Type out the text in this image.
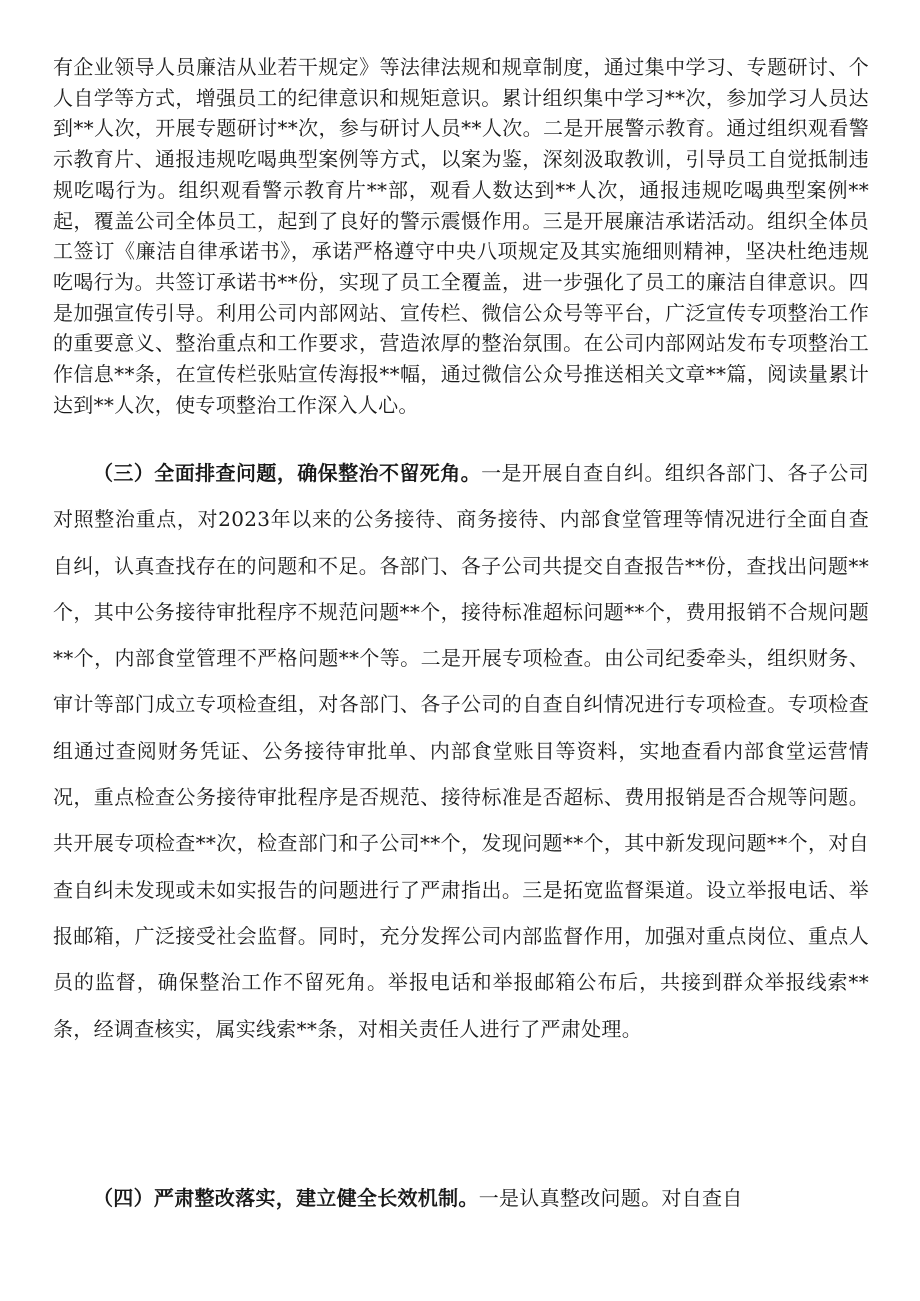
有企业领导人员廉洁从业若干规定》等法律法规和规章制度，通过集中学习、专题研讨、个人自学等方式，增强员工的纪律意识和规矩意识。累计组织集中学习**次，参加学习人员达到**人次，开展专题研讨**次，参与研讨人员**人次。二是开展警示教育。通过组织观看警示教育片、通报违规吃喝典型案例等方式，以案为鉴，深刻汲取教训，引导员工自觉抵制违规吃喝行为。组织观看警示教育片**部，观看人数达到**人次，通报违规吃喝典型案例**起，覆盖公司全体员工，起到了良好的警示震慑作用。三是开展廉洁承诺活动。组织全体员工签订《廉洁自律承诺书》，承诺严格遵守中央八项规定及其实施细则精神，坚决杜绝违规吃喝行为。共签订承诺书**份，实现了员工全覆盖，进一步强化了员工的廉洁自律意识。四是加强宣传引导。利用公司内部网站、宣传栏、微信公众号等平台，广泛宣传专项整治工作的重要意义、整治重点和工作要求，营造浓厚的整治氛围。在公司内部网站发布专项整治工作信息**条，在宣传栏张贴宣传海报**幅，通过微信公众号推送相关文章**篇，阅读量累计达到**人次，使专项整治工作深入人心。

（三）全面排查问题，确保整治不留死角。一是开展自查自纠。组织各部门、各子公司对照整治重点，对2023年以来的公务接待、商务接待、内部食堂管理等情况进行全面自查自纠，认真查找存在的问题和不足。各部门、各子公司共提交自查报告**份，查找出问题**个，其中公务接待审批程序不规范问题**个，接待标准超标问题**个，费用报销不合规问题**个，内部食堂管理不严格问题**个等。二是开展专项检查。由公司纪委牵头，组织财务、审计等部门成立专项检查组，对各部门、各子公司的自查自纠情况进行专项检查。专项检查组通过查阅财务凭证、公务接待审批单、内部食堂账目等资料，实地查看内部食堂运营情况，重点检查公务接待审批程序是否规范、接待标准是否超标、费用报销是否合规等问题。共开展专项检查**次，检查部门和子公司**个，发现问题**个，其中新发现问题**个，对自查自纠未发现或未如实报告的问题进行了严肃指出。三是拓宽监督渠道。设立举报电话、举报邮箱，广泛接受社会监督。同时，充分发挥公司内部监督作用，加强对重点岗位、重点人员的监督，确保整治工作不留死角。举报电话和举报邮箱公布后，共接到群众举报线索**条，经调查核实，属实线索**条，对相关责任人进行了严肃处理。

（四）严肃整改落实，建立健全长效机制。一是认真整改问题。对自查自
